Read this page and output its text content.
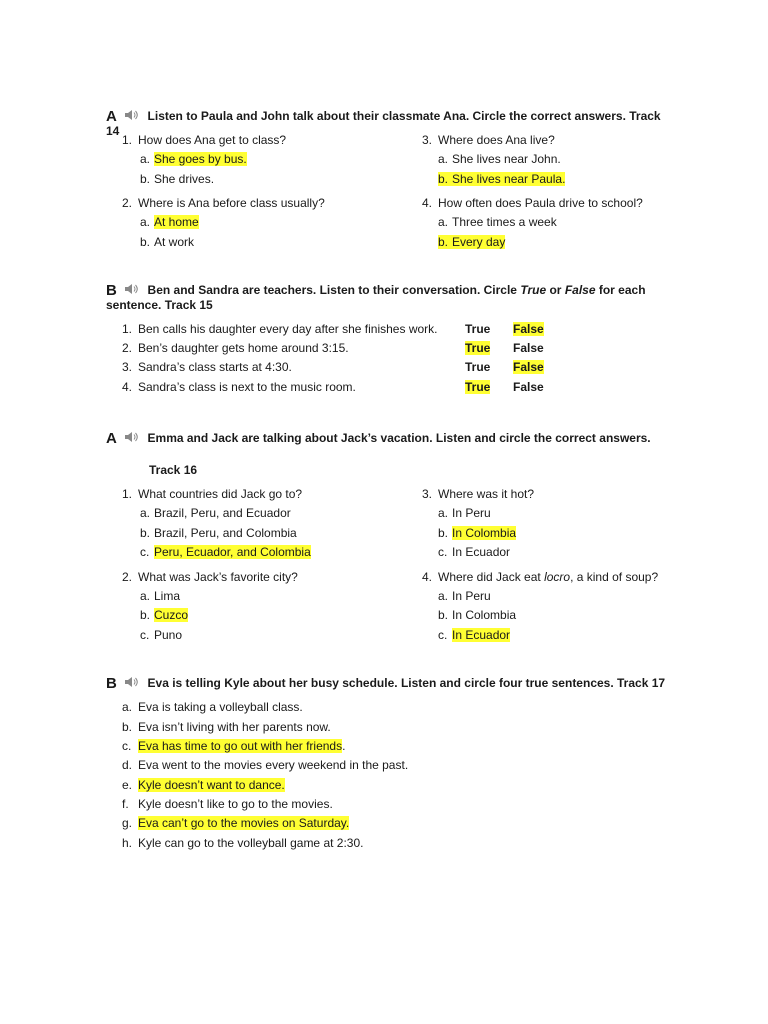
A	Listen to Paula and John talk about their classmate Ana. Circle the correct answers. Track 14
1. How does Ana get to class?
a. She goes by bus.
b. She drives.
2. Where is Ana before class usually?
a. At home
b. At work
3. Where does Ana live?
a. She lives near John.
b. She lives near Paula.
4. How often does Paula drive to school?
a. Three times a week
b. Every day
B	Ben and Sandra are teachers. Listen to their conversation. Circle True or False for each
sentence. Track 15
1. Ben calls his daughter every day after she finishes work. True False
2. Ben’s daughter gets home around 3:15.	True False
3. Sandra’s class starts at 4:30.	True False
4. Sandra’s class is next to the music room.	True False
A	Emma and Jack are talking about Jack’s vacation. Listen and circle the correct answers.
Track 16
1. What countries did Jack go to?
a. Brazil, Peru, and Ecuador
b. Brazil, Peru, and Colombia
c. Peru, Ecuador, and Colombia
2. What was Jack’s favorite city?
a. Lima
b. Cuzco
c. Puno
3. Where was it hot?
a. In Peru
b. In Colombia
c. In Ecuador
4. Where did Jack eat locro, a kind of soup?
a. In Peru
b. In Colombia
c. In Ecuador
B	Eva is telling Kyle about her busy schedule. Listen and circle four true sentences. Track 17
a. Eva is taking a volleyball class.
b. Eva isn’t living with her parents now.
c. Eva has time to go out with her friends.
d. Eva went to the movies every weekend in the past.
e. Kyle doesn’t want to dance.
f. Kyle doesn’t like to go to the movies.
g. Eva can’t go to the movies on Saturday.
h. Kyle can go to the volleyball game at 2:30.
